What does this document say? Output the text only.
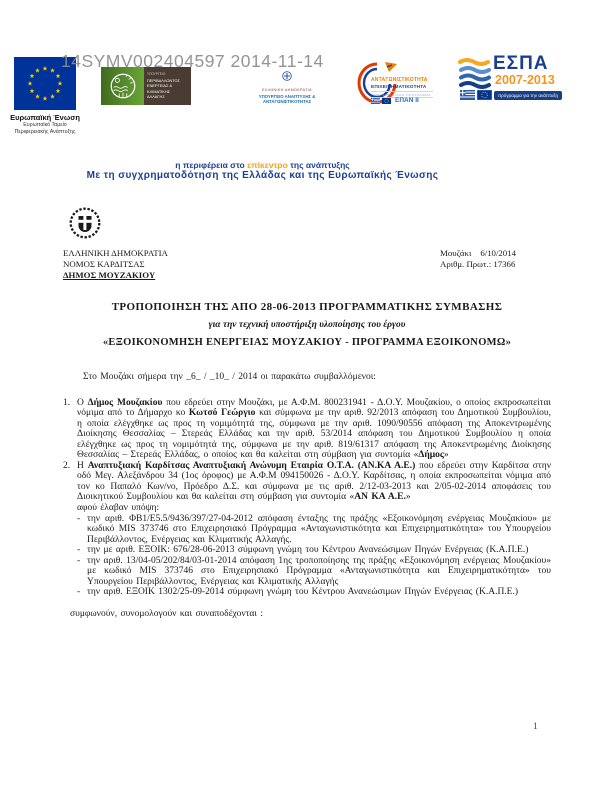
14SYMV002404597 2014-11-14
Ευρωπαϊκή Ένωση
Ευρωπαϊκό Ταμείο
Περιφερειακής Ανάπτυξης
ΥΠΟΥΡΓΕΙΟ
ΠΕΡΙΒΑΛΛΟΝΤΟΣ
ΕΝΕΡΓΕΙΑΣ &
ΚΛΙΜΑΤΙΚΗΣ
ΑΛΛΑΓΗΣ
ΕΛΛΗΝΙΚΗ ΔΗΜΟΚΡΑΤΙΑ
ΥΠΟΥΡΓΕΙΟ ΑΝΑΠΤΥΞΗΣ & ΑΝΤΑΓΩΝΙΣΤΙΚΟΤΗΤΑΣ
ΑΝΤΑΓΩΝΙΣΤΙΚΟΤΗΤΑ
ΕΠΙΧΕΙΡΗΜΑΤΙΚΟΤΗΤΑ
ΕΠΙΧΕΙΡΗΣΙΑΚΟ ΠΡΟΓΡΑΜΜΑ
ΕΠΑΝ ΙΙ
ΕΣΠΑ
2007-2013
πρόγραμμα για την ανάπτυξη
η περιφέρεια στο επίκεντρο της ανάπτυξης
Με τη συγχρηματοδότηση της Ελλάδας και της Ευρωπαϊκής Ένωσης
ΕΛΛΗΝΙΚΗ ΔΗΜΟΚΡΑΤΙΑ
ΝΟΜΟΣ ΚΑΡΔΙΤΣΑΣ
ΔΗΜΟΣ ΜΟΥΖΑΚΙΟΥ
Μουζάκι 6/10/2014
Αριθμ. Πρωτ.: 17366
ΤΡΟΠΟΠΟΙΗΣΗ ΤΗΣ ΑΠΟ 28-06-2013 ΠΡΟΓΡΑΜΜΑΤΙΚΗΣ ΣΥΜΒΑΣΗΣ
για την τεχνική υποστήριξη υλοποίησης του έργου
«ΕΞΟΙΚΟΝΟΜΗΣΗ ΕΝΕΡΓΕΙΑΣ ΜΟΥΖΑΚΙΟΥ - ΠΡΟΓΡΑΜΜΑ ΕΞΟΙΚΟΝΟΜΩ»

Στο Μουζάκι σήμερα την _6_ / _10_ / 2014 οι παρακάτω συμβαλλόμενοι:

1. Ο Δήμος Μουζακίου που εδρεύει στην Μουζάκι, με Α.Φ.Μ. 800231941 - Δ.Ο.Υ. Μουζακίου, ο οποίος εκπροσωπείται νόμιμα από το Δήμαρχο κο Κωτσό Γεώργιο και σύμφωνα με την αριθ. 92/2013 απόφαση του Δημοτικού Συμβουλίου, η οποία ελέγχθηκε ως προς τη νομιμότητά της, σύμφωνα με την αριθ. 1090/90556 απόφαση της Αποκεντρωμένης Διοίκησης Θεσσαλίας – Στερεάς Ελλάδας και την αριθ. 53/2014 απόφαση του Δημοτικού Συμβουλίου η οποία ελέγχθηκε ως προς τη νομιμότητά της, σύμφωνα με την αριθ. 819/61317 απόφαση της Αποκεντρωμένης Διοίκησης Θεσσαλίας – Στερεάς Ελλάδας, ο οποίος και θα καλείται στη σύμβαση για συντομία «Δήμος»
2. Η Αναπτυξιακή Καρδίτσας Αναπτυξιακή Ανώνυμη Εταιρία Ο.Τ.Α. (ΑΝ.ΚΑ Α.Ε.) που εδρεύει στην Καρδίτσα στην οδό Μεγ. Αλεξάνδρου 34 (1ος όροφος) με Α.Φ.Μ 094150026 - Δ.Ο.Υ. Καρδίτσας, η οποία εκπροσωπείται νόμιμα από τον κο Παπαλό Κων/νο, Πρόεδρο Δ.Σ. και σύμφωνα με τις αριθ. 2/12-03-2013 και 2/05-02-2014 αποφάσεις του Διοικητικού Συμβουλίου και θα καλείται στη σύμβαση για συντομία «ΑΝ ΚΑ Α.Ε.»

αφού έλαβαν υπόψη:

- την αριθ. ΦΒ1/Ε5.5/9436/397/27-04-2012 απόφαση ένταξης της πράξης «Εξοικονόμηση ενέργειας Μουζακίου» με κωδικό MIS 373746 στο Επιχειρησιακό Πρόγραμμα «Ανταγωνιστικότητα και Επιχειρηματικότητα» του Υπουργείου Περιβάλλοντος, Ενέργειας και Κλιματικής Αλλαγής.
- την με αριθ. ΕΞΟΙΚ: 676/28-06-2013 σύμφωνη γνώμη του Κέντρου Ανανεώσιμων Πηγών Ενέργειας (Κ.Α.Π.Ε.)
- την αριθ. 13/04-05/202/84/03-01-2014 απόφαση 1ης τροποποίησης της πράξης «Εξοικονόμηση ενέργειας Μουζακίου» με κωδικό MIS 373746 στο Επιχειρησιακό Πρόγραμμα «Ανταγωνιστικότητα και Επιχειρηματικότητα» του Υπουργείου Περιβάλλοντος, Ενέργειας και Κλιματικής Αλλαγής
- την αριθ. ΕΞΟΙΚ 1302/25-09-2014 σύμφωνη γνώμη του Κέντρου Ανανεώσιμων Πηγών Ενέργειας (Κ.Α.Π.Ε.)

συμφωνούν, συνομολογούν και συναποδέχονται :

1
